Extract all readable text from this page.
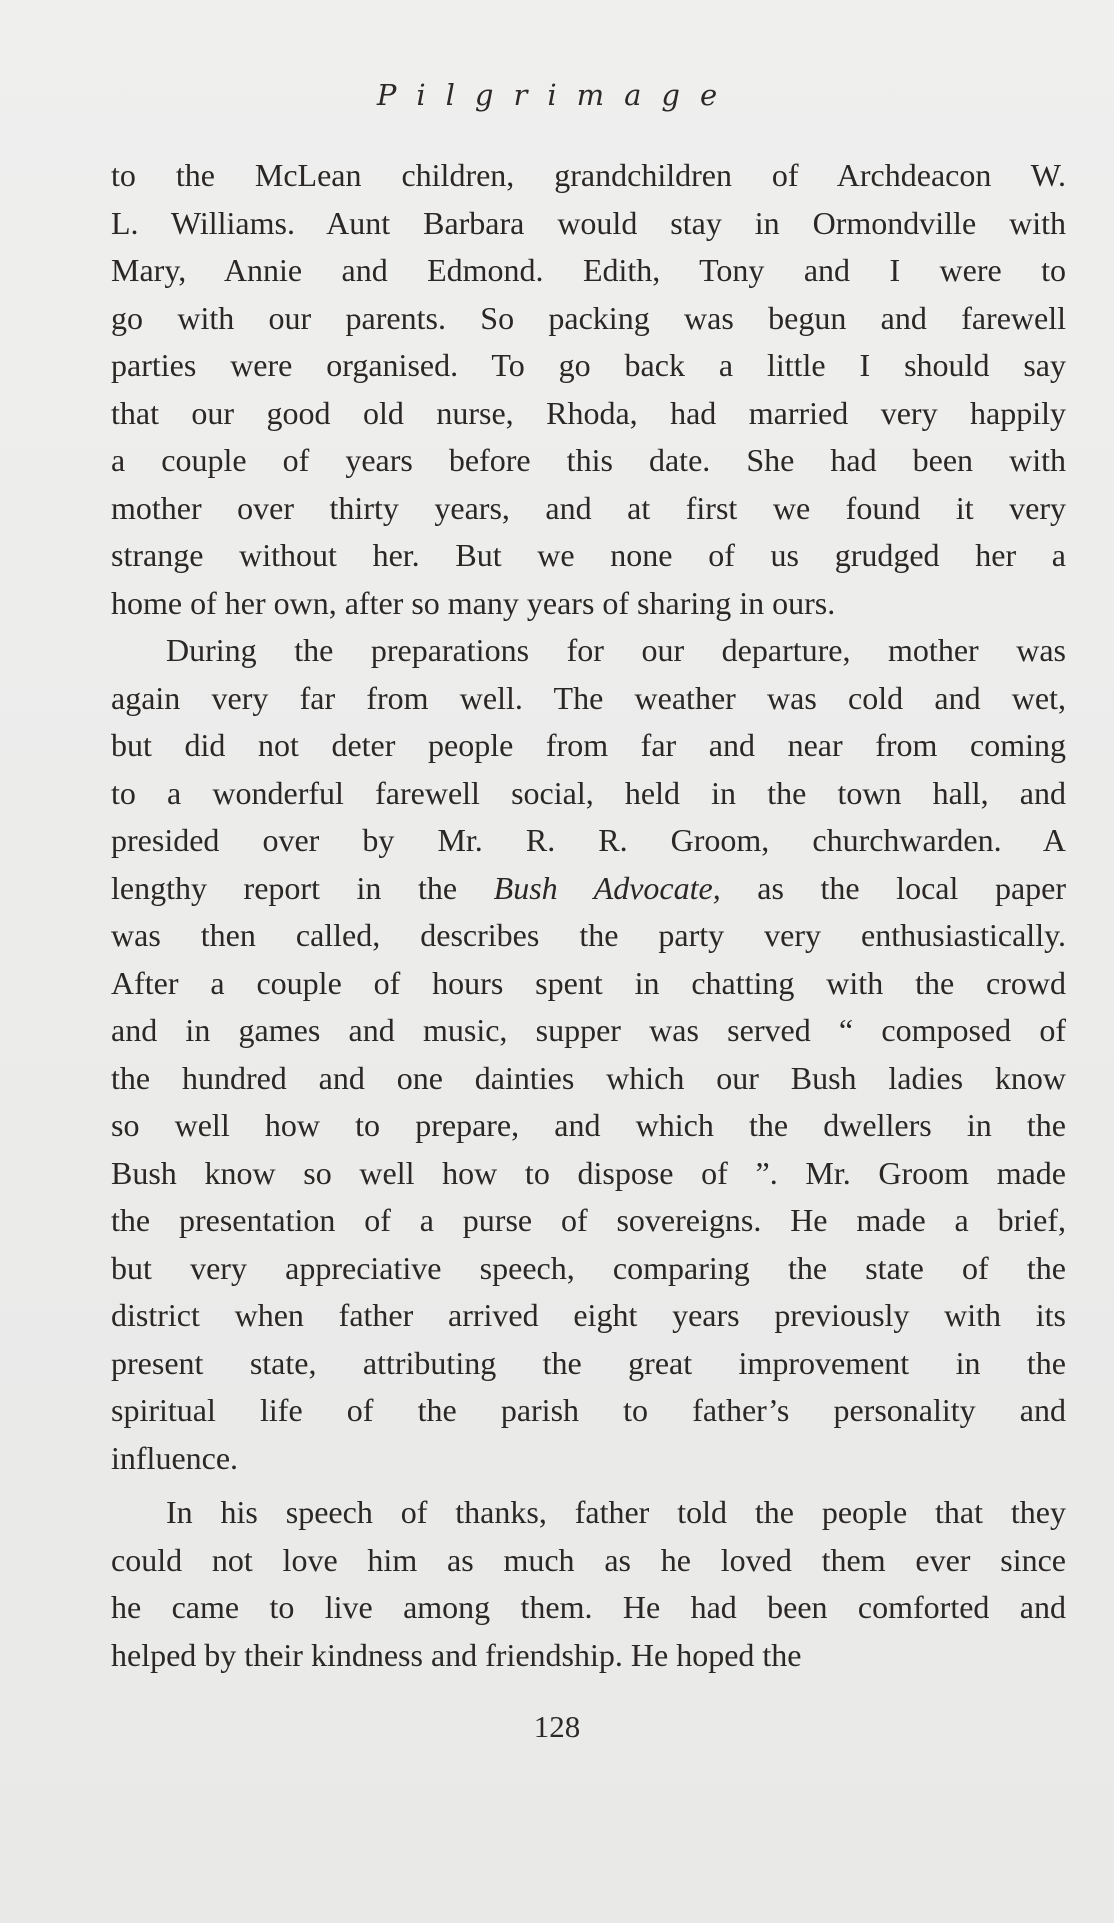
Pilgrimage

to the McLean children, grandchildren of Archdeacon W.
L. Williams. Aunt Barbara would stay in Ormondville with
Mary, Annie and Edmond. Edith, Tony and I were to
go with our parents. So packing was begun and farewell
parties were organised. To go back a little I should say
that our good old nurse, Rhoda, had married very happily
a couple of years before this date. She had been with
mother over thirty years, and at first we found it very
strange without her. But we none of us grudged her a
home of her own, after so many years of sharing in ours.

During the preparations for our departure, mother was
again very far from well. The weather was cold and wet,
but did not deter people from far and near from coming
to a wonderful farewell social, held in the town hall, and
presided over by Mr. R. R. Groom, churchwarden. A
lengthy report in the Bush Advocate, as the local paper
was then called, describes the party very enthusiastically.
After a couple of hours spent in chatting with the crowd
and in games and music, supper was served “ composed of
the hundred and one dainties which our Bush ladies know
so well how to prepare, and which the dwellers in the
Bush know so well how to dispose of ”. Mr. Groom made
the presentation of a purse of sovereigns. He made a brief,
but very appreciative speech, comparing the state of the
district when father arrived eight years previously with its
present state, attributing the great improvement in the
spiritual life of the parish to father’s personality and
influence.

In his speech of thanks, father told the people that they
could not love him as much as he loved them ever since
he came to live among them. He had been comforted and
helped by their kindness and friendship. He hoped the

128
